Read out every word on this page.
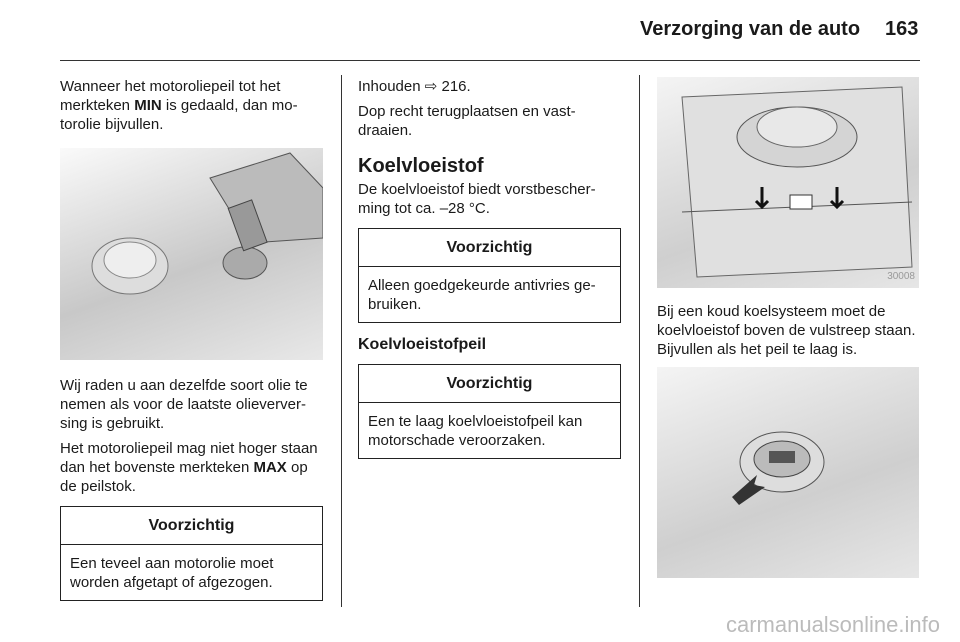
Verzorging van de auto 163

Wanneer het motoroliepeil tot het merkteken MIN is gedaald, dan motorolie bijvullen.

Wij raden u aan dezelfde soort olie te nemen als voor de laatste olieverversing is gebruikt.

Het motoroliepeil mag niet hoger staan dan het bovenste merkteken MAX op de peilstok.

Voorzichtig
Een teveel aan motorolie moet worden afgetapt of afgezogen.

Inhouden ⇨ 216.

Dop recht terugplaatsen en vastdraaien.

Koelvloeistof

De koelvloeistof biedt vorstbescherming tot ca. –28 °C.

Voorzichtig
Alleen goedgekeurde antivries gebruiken.
Koelvloeistofpeil
Voorzichtig
Een te laag koelvloeistofpeil kan motorschade veroorzaken.
30008

Bij een koud koelsysteem moet de koelvloeistof boven de vulstreep staan. Bijvullen als het peil te laag is.

carmanualsonline.info
